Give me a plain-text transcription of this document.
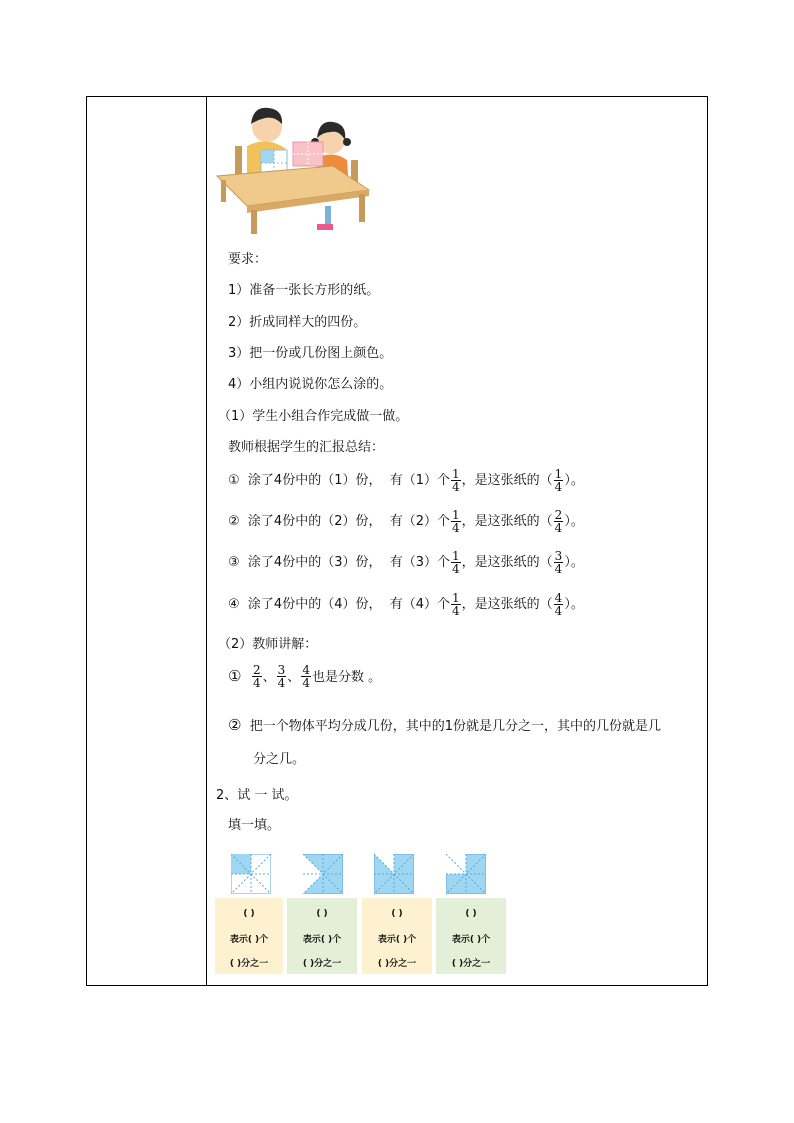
要求：
1）准备一张长方形的纸。
2）折成同样大的四份。
3）把一份或几份图上颜色。
4）小组内说说你怎么涂的。
（1）学生小组合作完成做一做。
教师根据学生的汇报总结：
① 涂了4份中的（1）份， 有（1）个 $\frac{1}{4}$ ，是这张纸的（ $\frac{1}{4}$ ）。
② 涂了4份中的（2）份， 有（2）个 $\frac{1}{4}$ ，是这张纸的（ $\frac{2}{4}$ ）。
③ 涂了4份中的（3）份， 有（3）个 $\frac{1}{4}$ ，是这张纸的（ $\frac{3}{4}$ ）。
④ 涂了4份中的（4）份， 有（4）个 $\frac{1}{4}$ ，是这张纸的（ $\frac{4}{4}$ ）。
（2）教师讲解：
① $\frac{2}{4}$ 、 $\frac{3}{4}$ 、 $\frac{4}{4}$ 也是分数 。
② 把一个物体平均分成几份，其中的1份就是几分之一，其中的几份就是几
分之几。
2、试 一 试。
填一填。
( )
表示( )个
( )分之一
( )
表示( )个
( )分之一
( )
表示( )个
( )分之一
( )
表示( )个
( )分之一
